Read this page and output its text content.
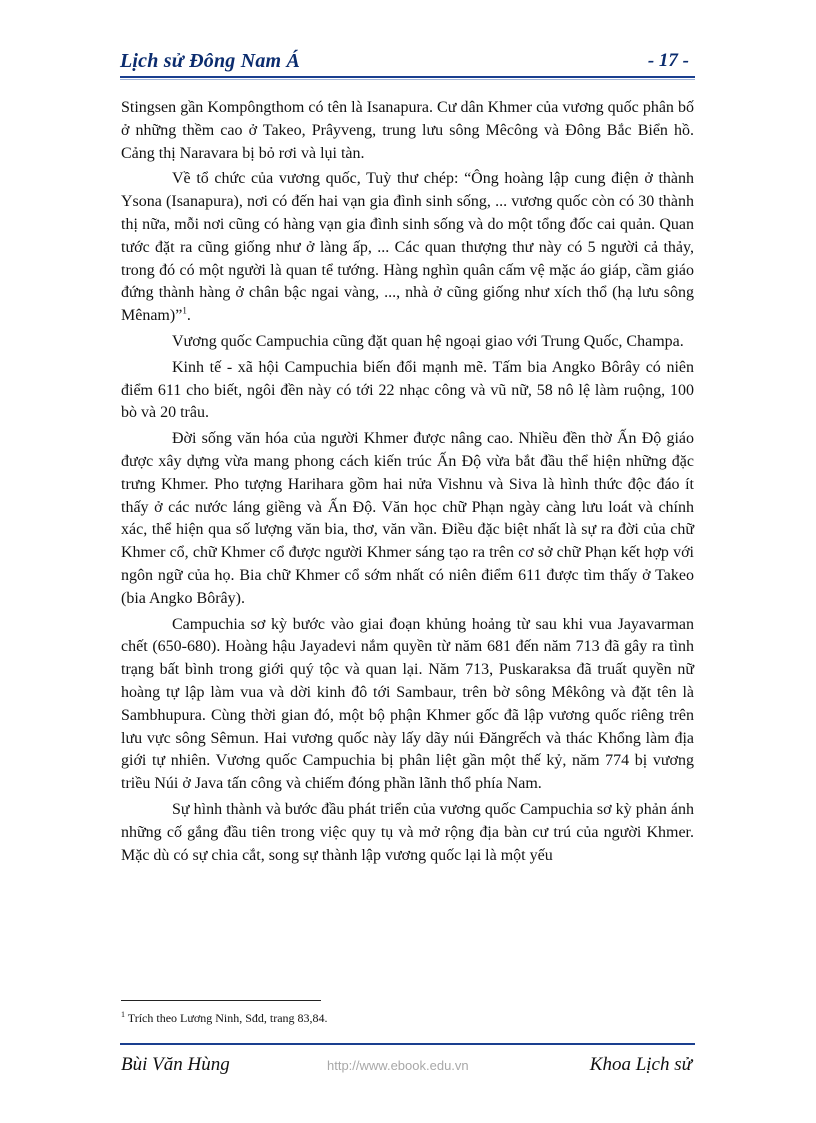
Lịch sử Đông Nam Á	- 17 -

Stingsen gần Kompôngthom có tên là Isanapura. Cư dân Khmer của vương quốc phân bố ở những thềm cao ở Takeo, Prâyveng, trung lưu sông Mêcông và Đông Bắc Biển hồ. Cảng thị Naravara bị bỏ rơi và lụi tàn.

Về tổ chức của vương quốc, Tuỳ thư chép: “Ông hoàng lập cung điện ở thành Ysona (Isanapura), nơi có đến hai vạn gia đình sinh sống, ... vương quốc còn có 30 thành thị nữa, mỗi nơi cũng có hàng vạn gia đình sinh sống và do một tổng đốc cai quản. Quan tước đặt ra cũng giống như ở làng ấp, ... Các quan thượng thư này có 5 người cả thảy, trong đó có một người là quan tể tướng. Hàng nghìn quân cấm vệ mặc áo giáp, cầm giáo đứng thành hàng ở chân bậc ngai vàng, ..., nhà ở cũng giống như xích thổ (hạ lưu sông Mênam)”$^1$.

Vương quốc Campuchia cũng đặt quan hệ ngoại giao với Trung Quốc, Champa.

Kinh tế - xã hội Campuchia biến đổi mạnh mẽ. Tấm bia Angko Bôrây có niên điểm 611 cho biết, ngôi đền này có tới 22 nhạc công và vũ nữ, 58 nô lệ làm ruộng, 100 bò và 20 trâu.

Đời sống văn hóa của người Khmer được nâng cao. Nhiều đền thờ Ấn Độ giáo được xây dựng vừa mang phong cách kiến trúc Ấn Độ vừa bắt đầu thể hiện những đặc trưng Khmer. Pho tượng Harihara gồm hai nửa Vishnu và Siva là hình thức độc đáo ít thấy ở các nước láng giềng và Ấn Độ. Văn học chữ Phạn ngày càng lưu loát và chính xác, thể hiện qua số lượng văn bia, thơ, văn vần. Điều đặc biệt nhất là sự ra đời của chữ Khmer cổ, chữ Khmer cổ được người Khmer sáng tạo ra trên cơ sở chữ Phạn kết hợp với ngôn ngữ của họ. Bia chữ Khmer cổ sớm nhất có niên điểm 611 được tìm thấy ở Takeo (bia Angko Bôrây).

Campuchia sơ kỳ bước vào giai đoạn khủng hoảng từ sau khi vua Jayavarman chết (650-680). Hoàng hậu Jayadevi nắm quyền từ năm 681 đến năm 713 đã gây ra tình trạng bất bình trong giới quý tộc và quan lại. Năm 713, Puskaraksa đã truất quyền nữ hoàng tự lập làm vua và dời kinh đô tới Sambaur, trên bờ sông Mêkông và đặt tên là Sambhupura. Cùng thời gian đó, một bộ phận Khmer gốc đã lập vương quốc riêng trên lưu vực sông Sêmun. Hai vương quốc này lấy dãy núi Đăngrếch và thác Khổng làm địa giới tự nhiên. Vương quốc Campuchia bị phân liệt gần một thế kỷ, năm 774 bị vương triều Núi ở Java tấn công và chiếm đóng phần lãnh thổ phía Nam.

Sự hình thành và bước đầu phát triển của vương quốc Campuchia sơ kỳ phản ánh những cố gắng đầu tiên trong việc quy tụ và mở rộng địa bàn cư trú của người Khmer. Mặc dù có sự chia cắt, song sự thành lập vương quốc lại là một yếu

$^1$ Trích theo Lương Ninh, Sđd, trang 83,84.
Bùi Văn Hùng	http://www.ebook.edu.vn	Khoa Lịch sử
